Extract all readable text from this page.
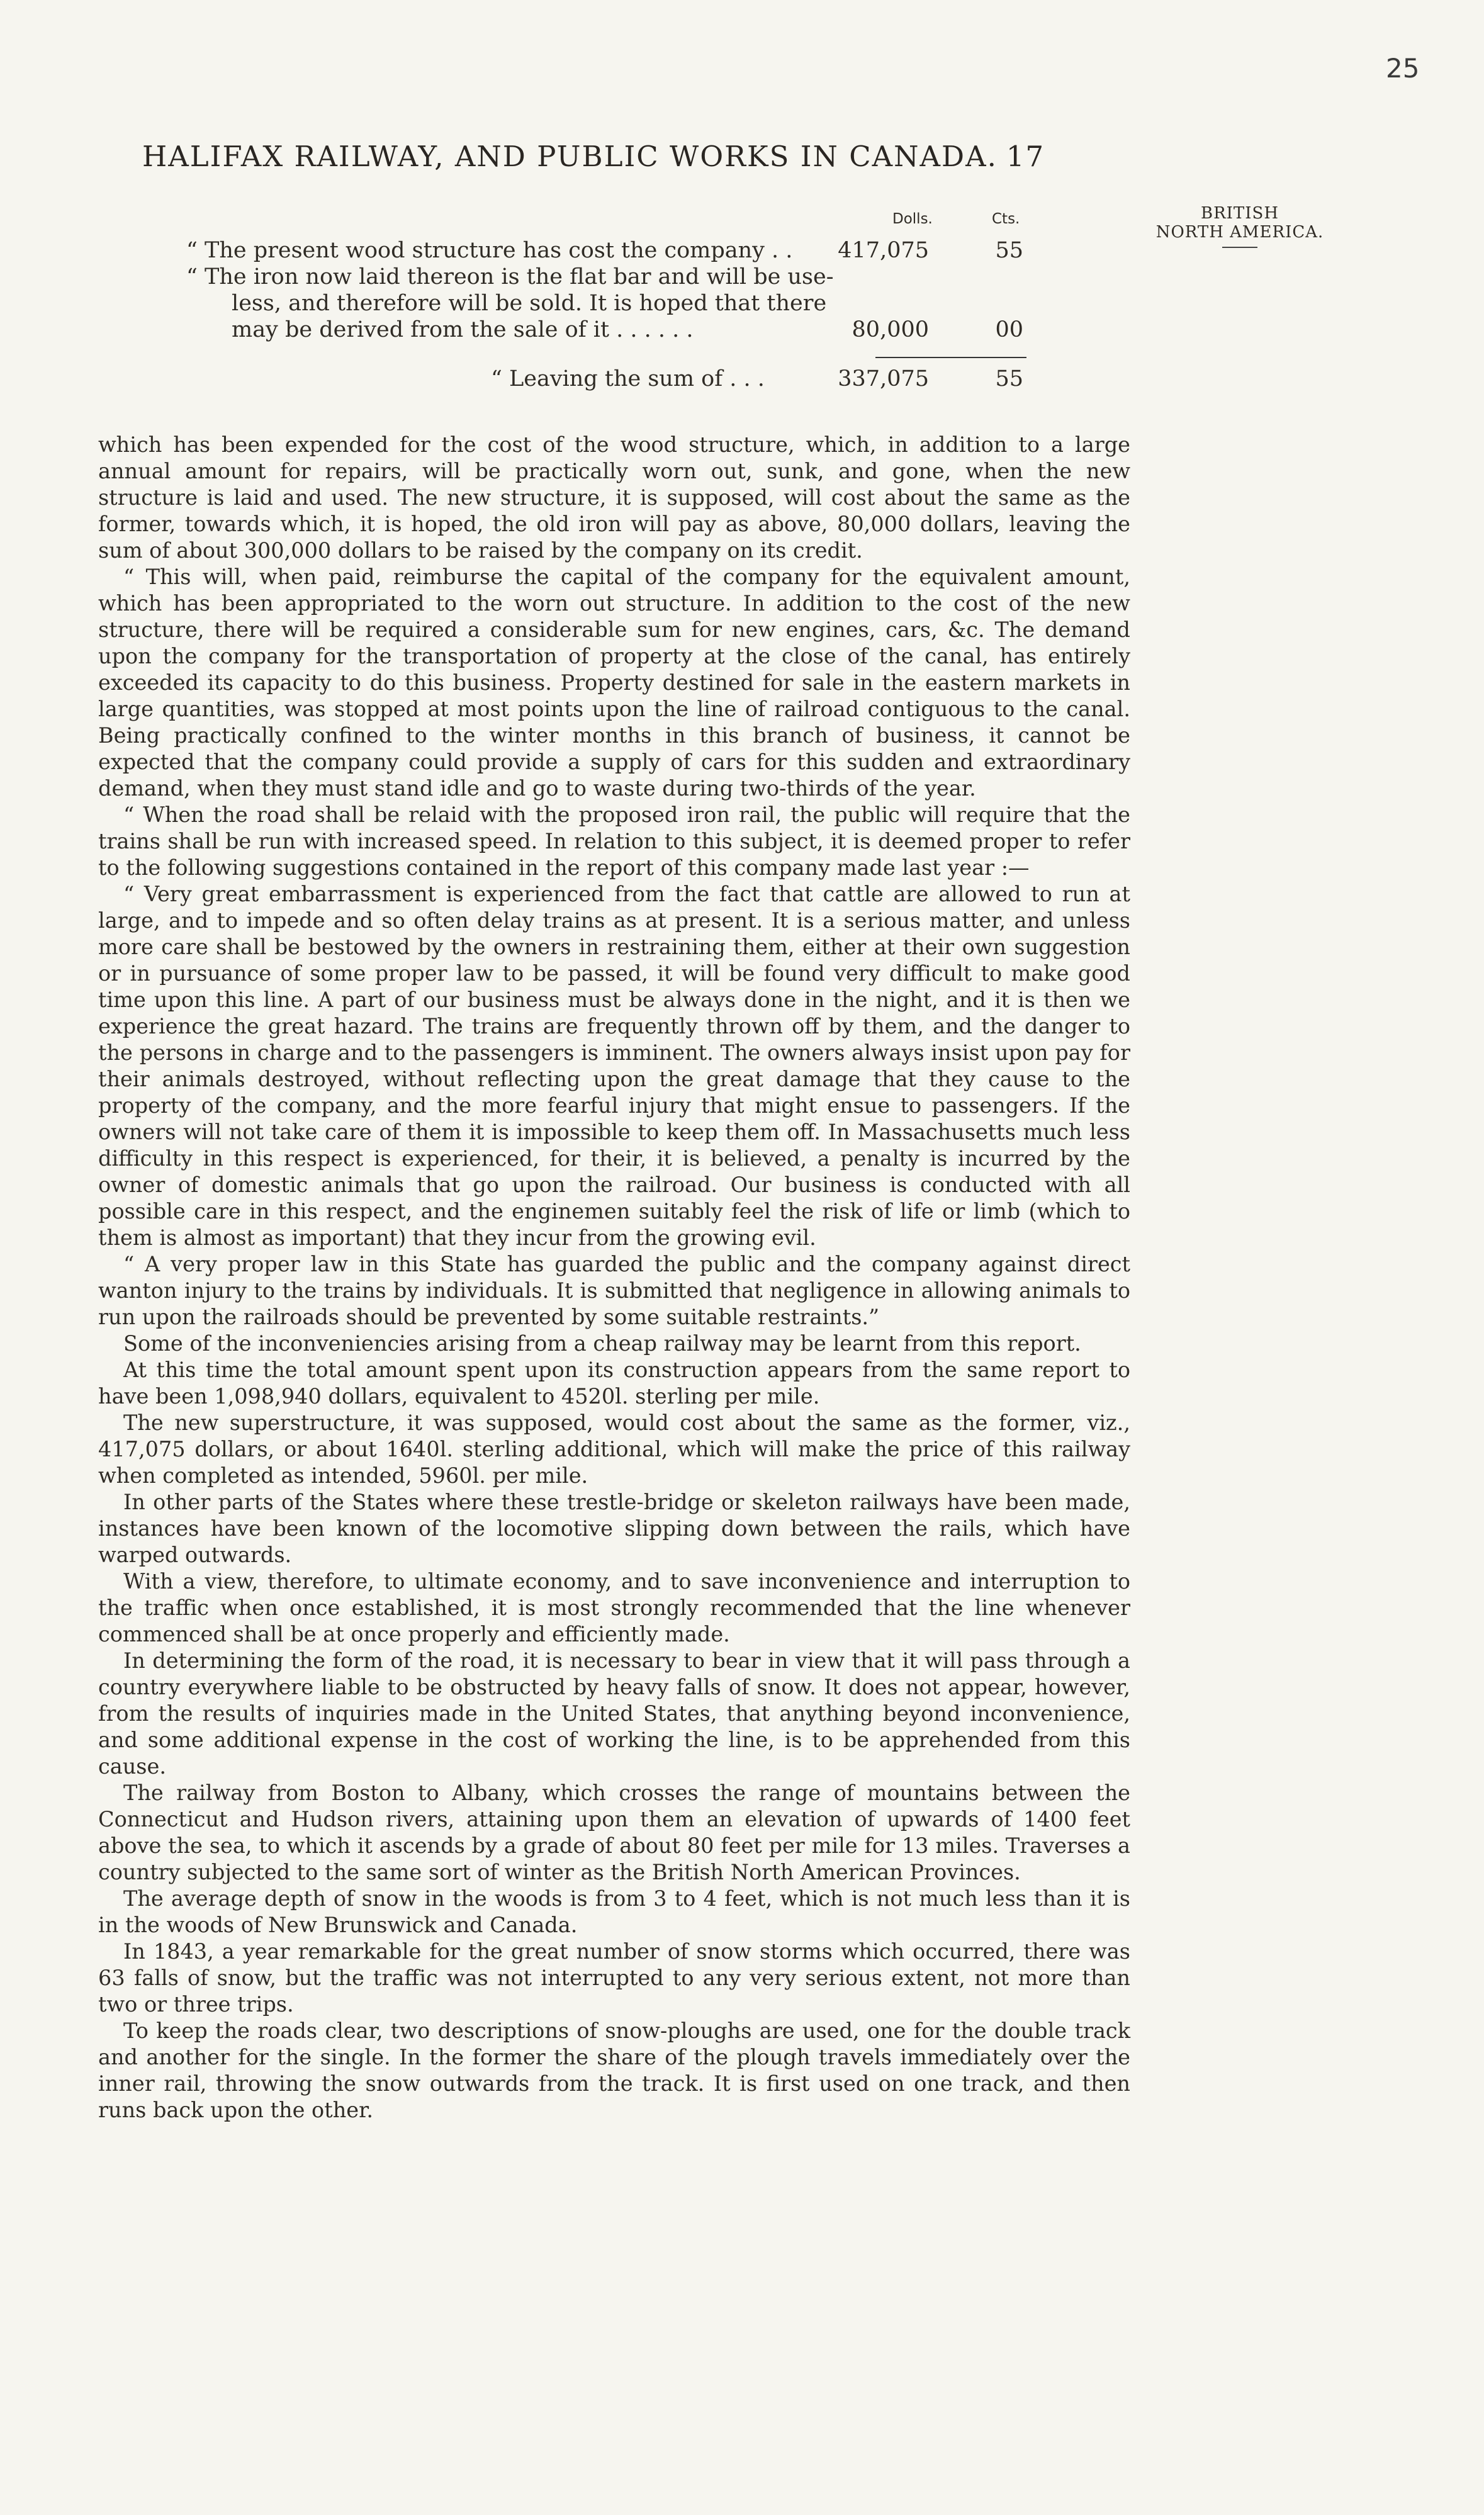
25
HALIFAX RAILWAY, AND PUBLIC WORKS IN CANADA. 17
BRITISH
NORTH AMERICA.
Dolls.	Cts.
“ The present wood structure has cost the company . .	417,075	55
“ The iron now laid thereon is the flat bar and will be use-
less, and therefore will be sold. It is hoped that there
may be derived from the sale of it . . . . . .	80,000	00
“ Leaving the sum of . . .	337,075	55

which has been expended for the cost of the wood structure, which, in addition to a large annual amount for repairs, will be practically worn out, sunk, and gone, when the new structure is laid and used. The new structure, it is supposed, will cost about the same as the former, towards which, it is hoped, the old iron will pay as above, 80,000 dollars, leaving the sum of about 300,000 dollars to be raised by the company on its credit.

“ This will, when paid, reimburse the capital of the company for the equivalent amount, which has been appropriated to the worn out structure. In addition to the cost of the new structure, there will be required a considerable sum for new engines, cars, &c. The demand upon the company for the transportation of property at the close of the canal, has entirely exceeded its capacity to do this business. Property destined for sale in the eastern markets in large quantities, was stopped at most points upon the line of railroad contiguous to the canal. Being practically confined to the winter months in this branch of business, it cannot be expected that the company could provide a supply of cars for this sudden and extraordinary demand, when they must stand idle and go to waste during two-thirds of the year.

“ When the road shall be relaid with the proposed iron rail, the public will require that the trains shall be run with increased speed. In relation to this subject, it is deemed proper to refer to the following suggestions contained in the report of this company made last year :—

“ Very great embarrassment is experienced from the fact that cattle are allowed to run at large, and to impede and so often delay trains as at present. It is a serious matter, and unless more care shall be bestowed by the owners in restraining them, either at their own suggestion or in pursuance of some proper law to be passed, it will be found very difficult to make good time upon this line. A part of our business must be always done in the night, and it is then we experience the great hazard. The trains are frequently thrown off by them, and the danger to the persons in charge and to the passengers is imminent. The owners always insist upon pay for their animals destroyed, without reflecting upon the great damage that they cause to the property of the company, and the more fearful injury that might ensue to passengers. If the owners will not take care of them it is impossible to keep them off. In Massachusetts much less difficulty in this respect is experienced, for their, it is believed, a penalty is incurred by the owner of domestic animals that go upon the railroad. Our business is conducted with all possible care in this respect, and the enginemen suitably feel the risk of life or limb (which to them is almost as important) that they incur from the growing evil.

“ A very proper law in this State has guarded the public and the company against direct wanton injury to the trains by individuals. It is submitted that negligence in allowing animals to run upon the railroads should be prevented by some suitable restraints.”

Some of the inconveniencies arising from a cheap railway may be learnt from this report.

At this time the total amount spent upon its construction appears from the same report to have been 1,098,940 dollars, equivalent to 4520l. sterling per mile.

The new superstructure, it was supposed, would cost about the same as the former, viz., 417,075 dollars, or about 1640l. sterling additional, which will make the price of this railway when completed as intended, 5960l. per mile.

In other parts of the States where these trestle-bridge or skeleton railways have been made, instances have been known of the locomotive slipping down between the rails, which have warped outwards.

With a view, therefore, to ultimate economy, and to save inconvenience and interruption to the traffic when once established, it is most strongly recommended that the line whenever commenced shall be at once properly and efficiently made.

In determining the form of the road, it is necessary to bear in view that it will pass through a country everywhere liable to be obstructed by heavy falls of snow. It does not appear, however, from the results of inquiries made in the United States, that anything beyond inconvenience, and some additional expense in the cost of working the line, is to be apprehended from this cause.

The railway from Boston to Albany, which crosses the range of mountains between the Connecticut and Hudson rivers, attaining upon them an elevation of upwards of 1400 feet above the sea, to which it ascends by a grade of about 80 feet per mile for 13 miles. Traverses a country subjected to the same sort of winter as the British North American Provinces.

The average depth of snow in the woods is from 3 to 4 feet, which is not much less than it is in the woods of New Brunswick and Canada.

In 1843, a year remarkable for the great number of snow storms which occurred, there was 63 falls of snow, but the traffic was not interrupted to any very serious extent, not more than two or three trips.

To keep the roads clear, two descriptions of snow-ploughs are used, one for the double track and another for the single. In the former the share of the plough travels immediately over the inner rail, throwing the snow outwards from the track. It is first used on one track, and then runs back upon the other.
